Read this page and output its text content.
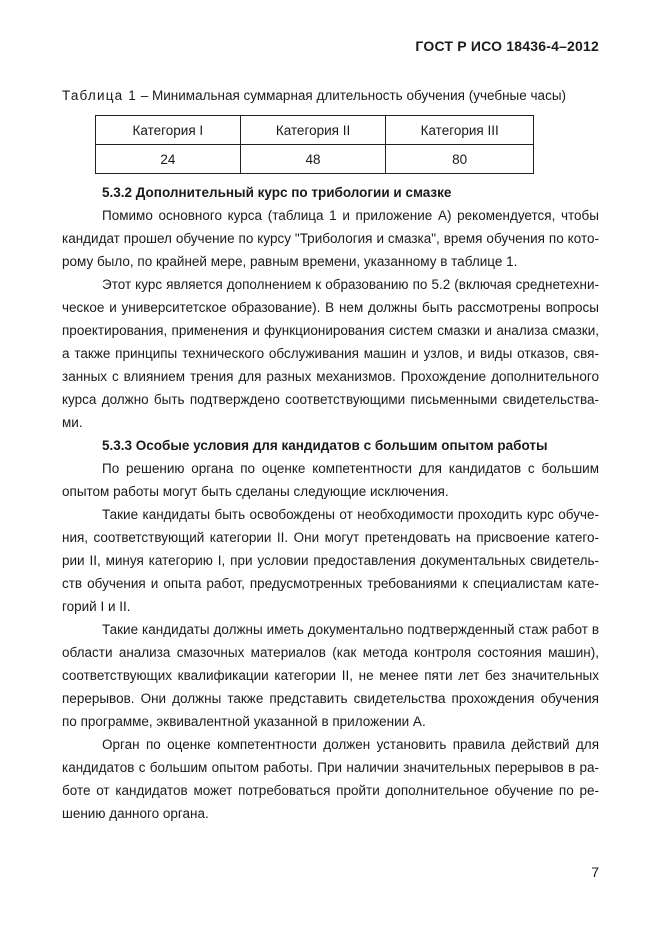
ГОСТ Р ИСО 18436-4–2012
Таблица 1 – Минимальная суммарная длительность обучения (учебные часы)
Категория I	Категория II	Категория III
24	48	80
5.3.2 Дополнительный курс по трибологии и смазке

Помимо основного курса (таблица 1 и приложение А) рекомендуется, чтобы кандидат прошел обучение по курсу "Трибология и смазка", время обучения по которому было, по крайней мере, равным времени, указанному в таблице 1.

Этот курс является дополнением к образованию по 5.2 (включая среднетехническое и университетское образование). В нем должны быть рассмотрены вопросы проектирования, применения и функционирования систем смазки и анализа смазки, а также принципы технического обслуживания машин и узлов, и виды отказов, связанных с влиянием трения для разных механизмов. Прохождение дополнительного курса должно быть подтверждено соответствующими письменными свидетельствами.

5.3.3 Особые условия для кандидатов с большим опытом работы

По решению органа по оценке компетентности для кандидатов с большим опытом работы могут быть сделаны следующие исключения.

Такие кандидаты быть освобождены от необходимости проходить курс обучения, соответствующий категории II. Они могут претендовать на присвоение категории II, минуя категорию I, при условии предоставления документальных свидетельств обучения и опыта работ, предусмотренных требованиями к специалистам категорий I и II.

Такие кандидаты должны иметь документально подтвержденный стаж работ в области анализа смазочных материалов (как метода контроля состояния машин), соответствующих квалификации категории II, не менее пяти лет без значительных перерывов. Они должны также представить свидетельства прохождения обучения по программе, эквивалентной указанной в приложении А.

Орган по оценке компетентности должен установить правила действий для кандидатов с большим опытом работы. При наличии значительных перерывов в работе от кандидатов может потребоваться пройти дополнительное обучение по решению данного органа.

7
